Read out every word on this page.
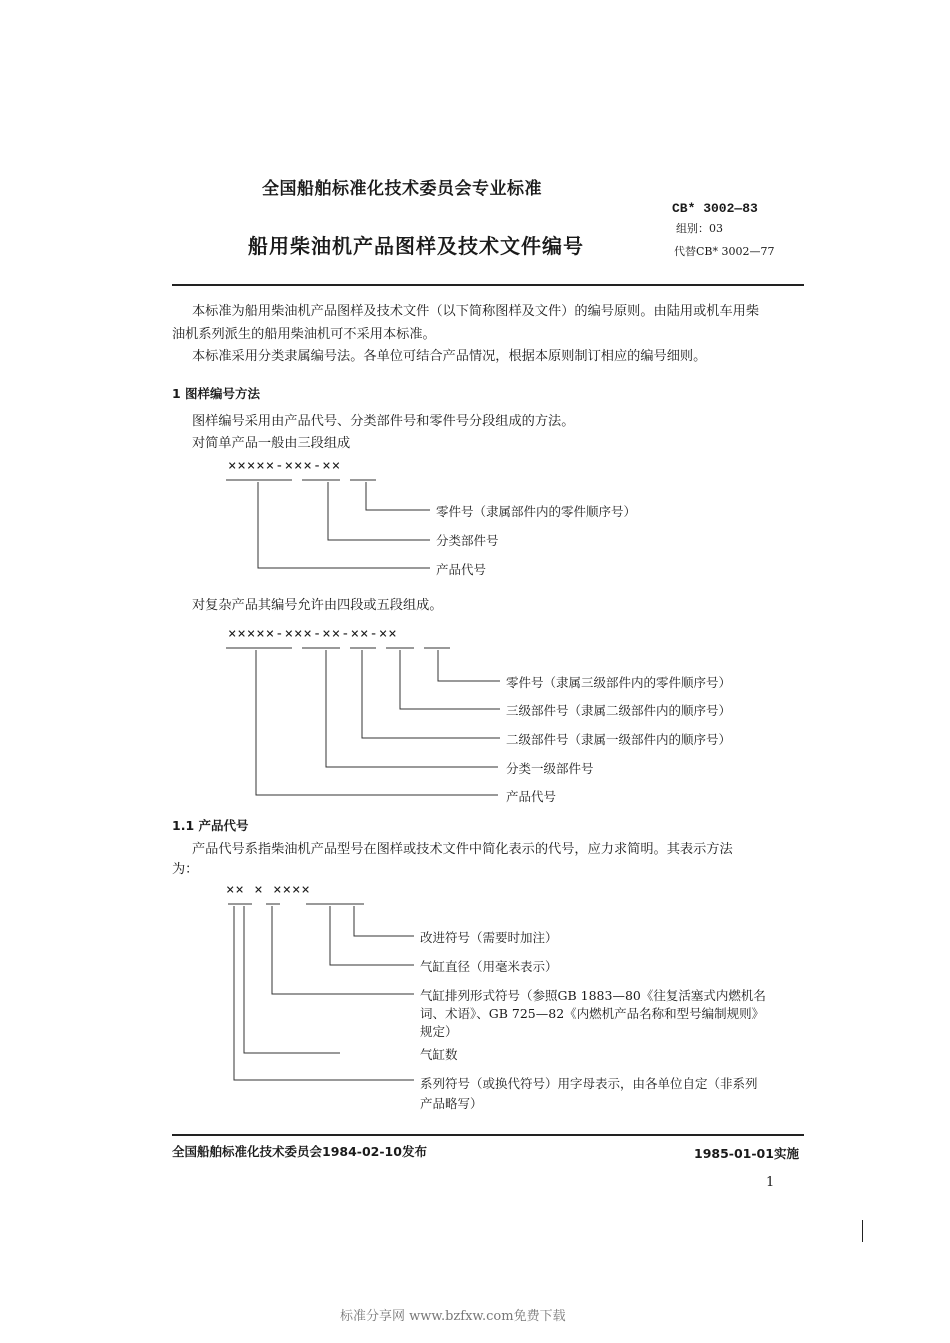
全国船舶标准化技术委员会专业标准
船用柴油机产品图样及技术文件编号
CB* 3002—83
组别：03
代替CB* 3002—77
本标准为船用柴油机产品图样及技术文件（以下简称图样及文件）的编号原则。由陆用或机车用柴
油机系列派生的船用柴油机可不采用本标准。
本标准采用分类隶属编号法。各单位可结合产品情况，根据本原则制订相应的编号细则。
1 图样编号方法
图样编号采用由产品代号、分类部件号和零件号分段组成的方法。
对简单产品一般由三段组成
×××××-×××-××
零件号（隶属部件内的零件顺序号）
分类部件号
产品代号
对复杂产品其编号允许由四段或五段组成。
×××××-×××-××-××-××
零件号（隶属三级部件内的零件顺序号）
三级部件号（隶属二级部件内的顺序号）
二级部件号（隶属一级部件内的顺序号）
分类一级部件号
产品代号
1.1 产品代号
产品代号系指柴油机产品型号在图样或技术文件中简化表示的代号，应力求简明。其表示方法
为：
×× × ××××
改进符号（需要时加注）
气缸直径（用毫米表示）
气缸排列形式符号（参照GB 1883—80《往复活塞式内燃机名
词、术语》、GB 725—82《内燃机产品名称和型号编制规则》
规定）
气缸数
系列符号（或换代符号）用字母表示，由各单位自定（非系列
产品略写）
全国船舶标准化技术委员会1984-02-10发布	1985-01-01实施
1
标准分享网 www.bzfxw.com免费下载
